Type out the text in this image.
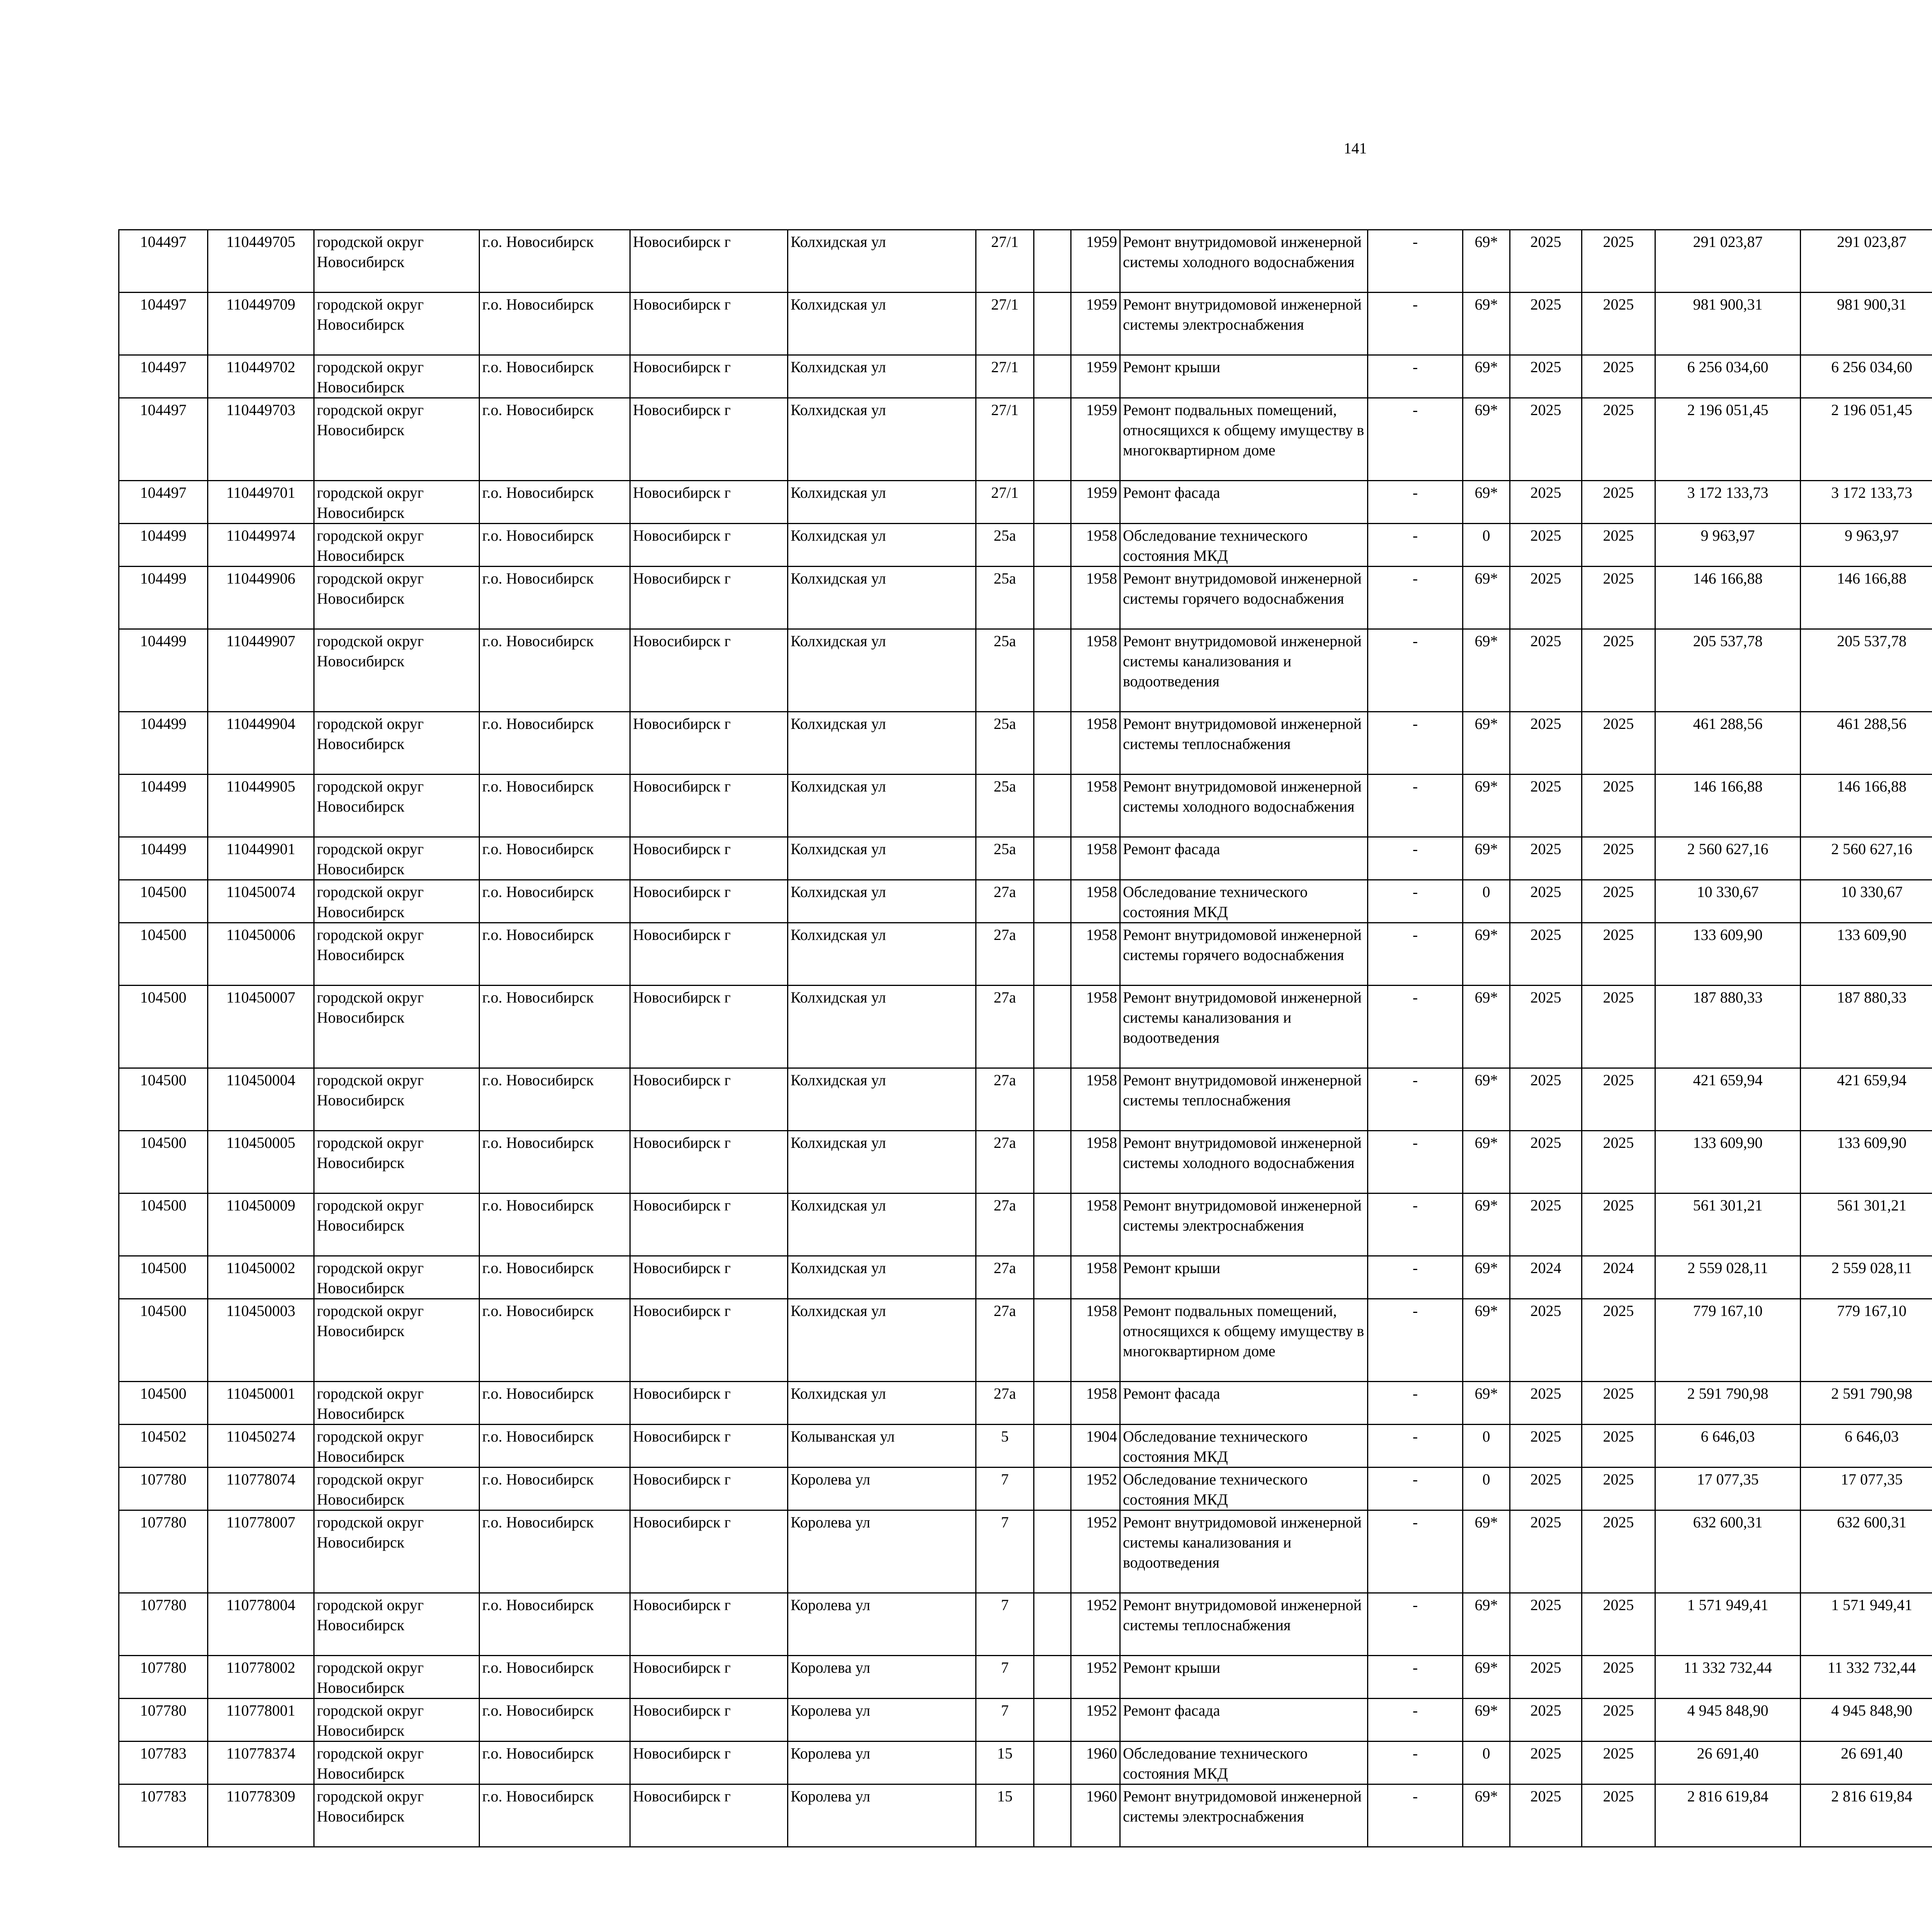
141
104497	110449705	городской округ Новосибирск	г.о. Новосибирск	Новосибирск г	Колхидская ул	27/1		1959	Ремонт внутридомовой инженерной системы холодного водоснабжения	-	69*	2025	2025	291 023,87	291 023,87						
104497	110449709	городской округ Новосибирск	г.о. Новосибирск	Новосибирск г	Колхидская ул	27/1		1959	Ремонт внутридомовой инженерной системы электроснабжения	-	69*	2025	2025	981 900,31	981 900,31						
104497	110449702	городской округ Новосибирск	г.о. Новосибирск	Новосибирск г	Колхидская ул	27/1		1959	Ремонт крыши	-	69*	2025	2025	6 256 034,60	6 256 034,60						
104497	110449703	городской округ Новосибирск	г.о. Новосибирск	Новосибирск г	Колхидская ул	27/1		1959	Ремонт подвальных помещений, относящихся к общему имуществу в многоквартирном доме	-	69*	2025	2025	2 196 051,45	2 196 051,45						
104497	110449701	городской округ Новосибирск	г.о. Новосибирск	Новосибирск г	Колхидская ул	27/1		1959	Ремонт фасада	-	69*	2025	2025	3 172 133,73	3 172 133,73						
104499	110449974	городской округ Новосибирск	г.о. Новосибирск	Новосибирск г	Колхидская ул	25а		1958	Обследование технического состояния МКД	-	0	2025	2025	9 963,97	9 963,97						
104499	110449906	городской округ Новосибирск	г.о. Новосибирск	Новосибирск г	Колхидская ул	25а		1958	Ремонт внутридомовой инженерной системы горячего водоснабжения	-	69*	2025	2025	146 166,88	146 166,88						
104499	110449907	городской округ Новосибирск	г.о. Новосибирск	Новосибирск г	Колхидская ул	25а		1958	Ремонт внутридомовой инженерной системы канализования и водоотведения	-	69*	2025	2025	205 537,78	205 537,78						
104499	110449904	городской округ Новосибирск	г.о. Новосибирск	Новосибирск г	Колхидская ул	25а		1958	Ремонт внутридомовой инженерной системы теплоснабжения	-	69*	2025	2025	461 288,56	461 288,56						
104499	110449905	городской округ Новосибирск	г.о. Новосибирск	Новосибирск г	Колхидская ул	25а		1958	Ремонт внутридомовой инженерной системы холодного водоснабжения	-	69*	2025	2025	146 166,88	146 166,88						
104499	110449901	городской округ Новосибирск	г.о. Новосибирск	Новосибирск г	Колхидская ул	25а		1958	Ремонт фасада	-	69*	2025	2025	2 560 627,16	2 560 627,16						
104500	110450074	городской округ Новосибирск	г.о. Новосибирск	Новосибирск г	Колхидская ул	27а		1958	Обследование технического состояния МКД	-	0	2025	2025	10 330,67	10 330,67						
104500	110450006	городской округ Новосибирск	г.о. Новосибирск	Новосибирск г	Колхидская ул	27а		1958	Ремонт внутридомовой инженерной системы горячего водоснабжения	-	69*	2025	2025	133 609,90	133 609,90						
104500	110450007	городской округ Новосибирск	г.о. Новосибирск	Новосибирск г	Колхидская ул	27а		1958	Ремонт внутридомовой инженерной системы канализования и водоотведения	-	69*	2025	2025	187 880,33	187 880,33						
104500	110450004	городской округ Новосибирск	г.о. Новосибирск	Новосибирск г	Колхидская ул	27а		1958	Ремонт внутридомовой инженерной системы теплоснабжения	-	69*	2025	2025	421 659,94	421 659,94						
104500	110450005	городской округ Новосибирск	г.о. Новосибирск	Новосибирск г	Колхидская ул	27а		1958	Ремонт внутридомовой инженерной системы холодного водоснабжения	-	69*	2025	2025	133 609,90	133 609,90						
104500	110450009	городской округ Новосибирск	г.о. Новосибирск	Новосибирск г	Колхидская ул	27а		1958	Ремонт внутридомовой инженерной системы электроснабжения	-	69*	2025	2025	561 301,21	561 301,21						
104500	110450002	городской округ Новосибирск	г.о. Новосибирск	Новосибирск г	Колхидская ул	27а		1958	Ремонт крыши	-	69*	2024	2024	2 559 028,11	2 559 028,11						
104500	110450003	городской округ Новосибирск	г.о. Новосибирск	Новосибирск г	Колхидская ул	27а		1958	Ремонт подвальных помещений, относящихся к общему имуществу в многоквартирном доме	-	69*	2025	2025	779 167,10	779 167,10						
104500	110450001	городской округ Новосибирск	г.о. Новосибирск	Новосибирск г	Колхидская ул	27а		1958	Ремонт фасада	-	69*	2025	2025	2 591 790,98	2 591 790,98						
104502	110450274	городской округ Новосибирск	г.о. Новосибирск	Новосибирск г	Колыванская ул	5		1904	Обследование технического состояния МКД	-	0	2025	2025	6 646,03	6 646,03						
107780	110778074	городской округ Новосибирск	г.о. Новосибирск	Новосибирск г	Королева ул	7		1952	Обследование технического состояния МКД	-	0	2025	2025	17 077,35	17 077,35						
107780	110778007	городской округ Новосибирск	г.о. Новосибирск	Новосибирск г	Королева ул	7		1952	Ремонт внутридомовой инженерной системы канализования и водоотведения	-	69*	2025	2025	632 600,31	632 600,31						
107780	110778004	городской округ Новосибирск	г.о. Новосибирск	Новосибирск г	Королева ул	7		1952	Ремонт внутридомовой инженерной системы теплоснабжения	-	69*	2025	2025	1 571 949,41	1 571 949,41						
107780	110778002	городской округ Новосибирск	г.о. Новосибирск	Новосибирск г	Королева ул	7		1952	Ремонт крыши	-	69*	2025	2025	11 332 732,44	11 332 732,44						
107780	110778001	городской округ Новосибирск	г.о. Новосибирск	Новосибирск г	Королева ул	7		1952	Ремонт фасада	-	69*	2025	2025	4 945 848,90	4 945 848,90						
107783	110778374	городской округ Новосибирск	г.о. Новосибирск	Новосибирск г	Королева ул	15		1960	Обследование технического состояния МКД	-	0	2025	2025	26 691,40	26 691,40						
107783	110778309	городской округ Новосибирск	г.о. Новосибирск	Новосибирск г	Королева ул	15		1960	Ремонт внутридомовой инженерной системы электроснабжения	-	69*	2025	2025	2 816 619,84	2 816 619,84						
